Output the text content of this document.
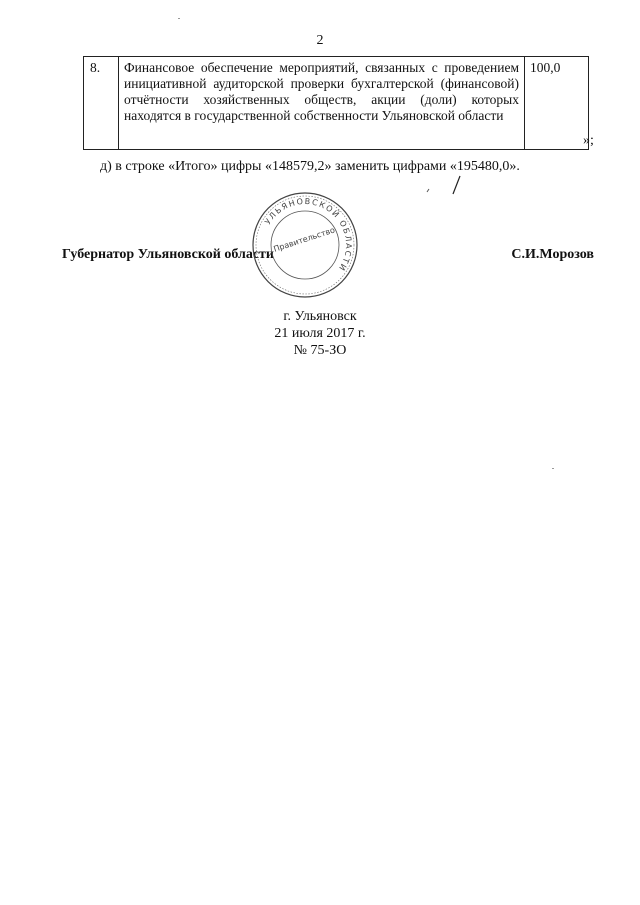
2
8.	Финансовое обеспечение мероприятий, связанных с проведением инициативной аудиторской проверки бухгалтерской (финансовой) отчётности хозяйственных обществ, акции (доли) которых находятся в государственной собственности Ульяновской области	100,0
»;
д) в строке «Итого» цифры «148579,2» заменить цифрами «195480,0».
Губернатор Ульяновской области	С.И.Морозов
УЛЬЯНОВСКОЙ ОБЛАСТИ
Правительство
г. Ульяновск
21 июля 2017 г.
№ 75-ЗО
